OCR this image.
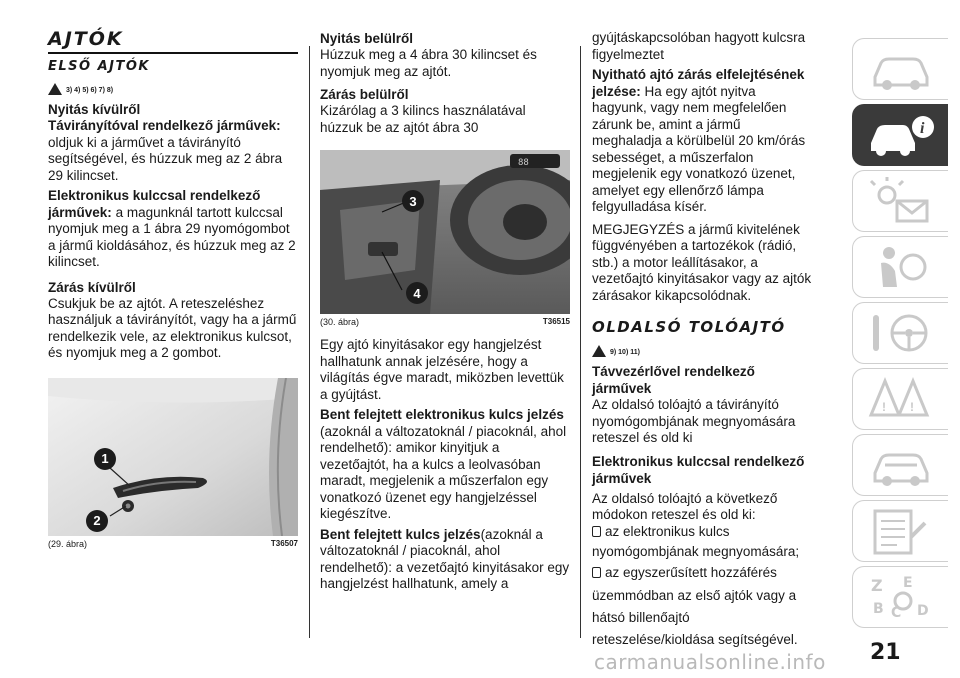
AJTÓK
ELSŐ AJTÓK
3) 4) 5) 6) 7) 8)
Nyitás kívülről

Távirányítóval rendelkező járművek:
oldjuk ki a járművet a távirányító segítségével, és húzzuk meg az 2 ábra 29 kilincset.

Elektronikus kulccsal rendelkező járművek: a magunknál tartott kulccsal nyomjuk meg a 1 ábra 29 nyomógombot a jármű kioldásához, és húzzuk meg az 2 kilincset.

Zárás kívülről

Csukjuk be az ajtót. A reteszeléshez használjuk a távirányítót, vagy ha a jármű rendelkezik vele, az elektronikus kulcsot, és nyomjuk meg a 2 gombot.

1
2
(29. ábra)	T36507
Nyitás belülről

Húzzuk meg a 4 ábra 30 kilincset és nyomjuk meg az ajtót.

Zárás belülről

Kizárólag a 3 kilincs használatával húzzuk be az ajtót ábra 30

88
3
4
(30. ábra)	T36515

Egy ajtó kinyitásakor egy hangjelzést hallhatunk annak jelzésére, hogy a világítás égve maradt, miközben levettük a gyújtást.

Bent felejtett elektronikus kulcs jelzés (azoknál a változatoknál / piacoknál, ahol rendelhető): amikor kinyitjuk a vezetőajtót, ha a kulcs a leolvasóban maradt, megjelenik a műszerfalon egy vonatkozó üzenet egy hangjelzéssel kiegészítve.

Bent felejtett kulcs jelzés(azoknál a változatoknál / piacoknál, ahol rendelhető): a vezetőajtó kinyitásakor egy hangjelzést hallhatunk, amely a

gyújtáskapcsolóban hagyott kulcsra figyelmeztet

Nyitható ajtó zárás elfelejtésének jelzése: Ha egy ajtót nyitva hagyunk, vagy nem megfelelően zárunk be, amint a jármű meghaladja a körülbelül 20 km/órás sebességet, a műszerfalon megjelenik egy vonatkozó üzenet, amelyet egy ellenőrző lámpa felgyulladása kísér.

MEGJEGYZÉS a jármű kivitelének függvényében a tartozékok (rádió, stb.) a motor leállításakor, a vezetőajtó kinyitásakor vagy az ajtók zárásakor kikapcsolódnak.

OLDALSÓ TOLÓAJTÓ
9) 10) 11)
Távvezérlővel rendelkező járművek

Az oldalsó tolóajtó a távirányító nyomógombjának megnyomására reteszel és old ki

Elektronikus kulccsal rendelkező járművek

Az oldalsó tolóajtó a következő módokon reteszel és old ki:

az elektronikus kulcs

nyomógombjának megnyomására;

az egyszerűsített hozzáférés

üzemmódban az első ajtók vagy a hátsó billenőajtó reteszelése/kioldása segítségével.

i
! !
Z E
B C D
21
carmanualsonline.info
